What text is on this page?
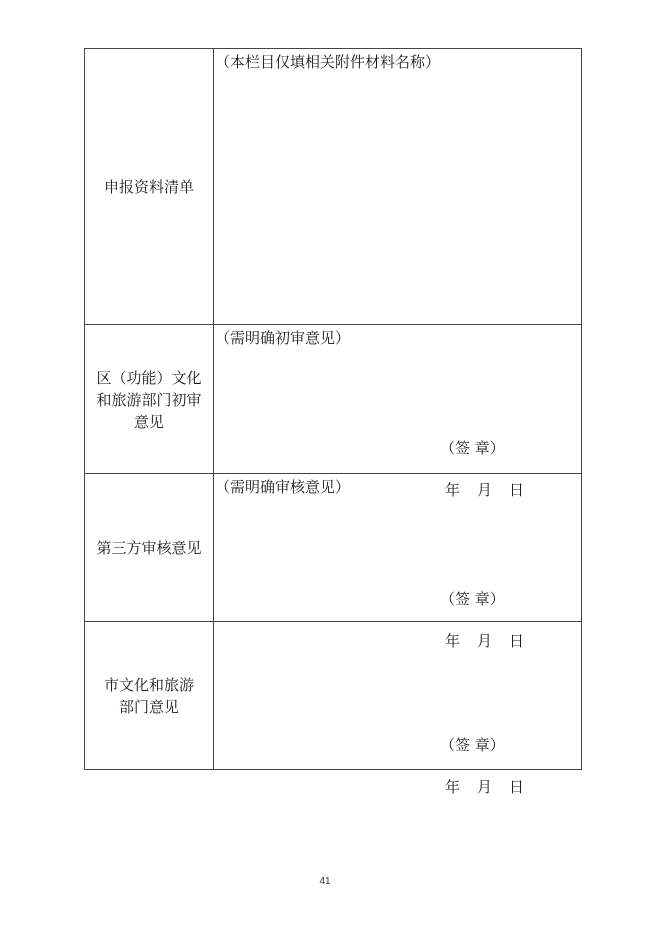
申报资料清单
（本栏目仅填相关附件材料名称）
区（功能）文化
和旅游部门初审
意见
（需明确初审意见）
（签 章）
年 月 日
第三方审核意见
（需明确审核意见）
（签 章）
年 月 日
市文化和旅游
部门意见
（签 章）
年 月 日
41
